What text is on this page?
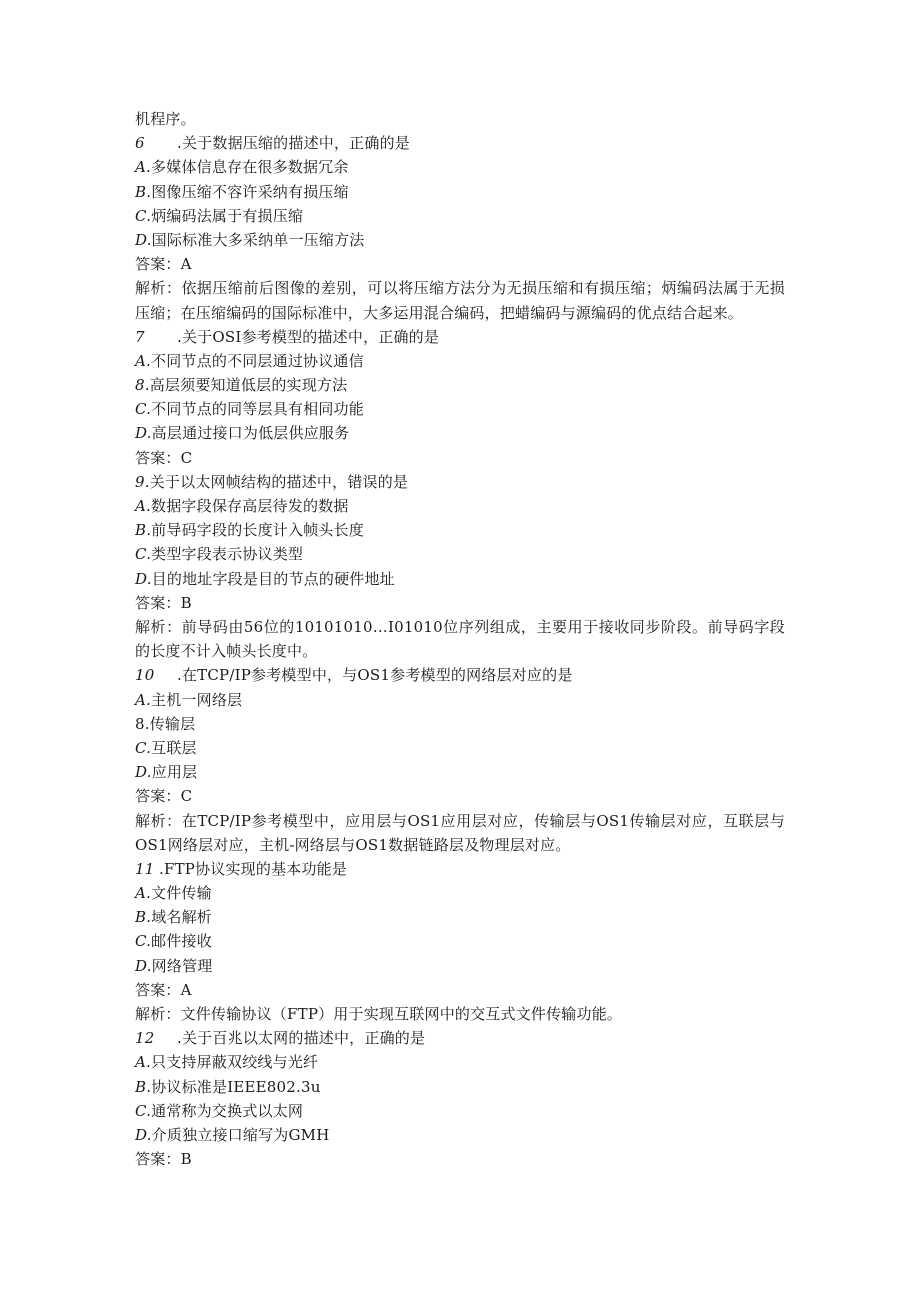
机程序。
6	.关于数据压缩的描述中，正确的是
A.多媒体信息存在很多数据冗余
B.图像压缩不容许采纳有损压缩
C.炳编码法属于有损压缩
D.国际标准大多采纳单一压缩方法
答案：A
解析：依据压缩前后图像的差别，可以将压缩方法分为无损压缩和有损压缩；炳编码法属于无损压缩；在压缩编码的国际标准中，大多运用混合编码，把蜡编码与源编码的优点结合起来。
7	.关于OSI参考模型的描述中，正确的是
A.不同节点的不同层通过协议通信
8.高层须要知道低层的实现方法
C.不同节点的同等层具有相同功能
D.高层通过接口为低层供应服务
答案：C
9.关于以太网帧结构的描述中，错误的是
A.数据字段保存高层待发的数据
B.前导码字段的长度计入帧头长度
C.类型字段表示协议类型
D.目的地址字段是目的节点的硬件地址
答案：B
解析：前导码由56位的10101010…I01010位序列组成，主要用于接收同步阶段。前导码字段的长度不计入帧头长度中。
10	.在TCP/IP参考模型中，与OS1参考模型的网络层对应的是
A.主机一网络层
8.传输层
C.互联层
D.应用层
答案：C
解析：在TCP/IP参考模型中，应用层与OS1应用层对应，传输层与OS1传输层对应，互联层与OS1网络层对应，主机-网络层与OS1数据链路层及物理层对应。
11 .FTP协议实现的基本功能是
A.文件传输
B.域名解析
C.邮件接收
D.网络管理
答案：A
解析：文件传输协议（FTP）用于实现互联网中的交互式文件传输功能。
12	.关于百兆以太网的描述中，正确的是
A.只支持屏蔽双绞线与光纤
B.协议标准是IEEE802.3u
C.通常称为交换式以太网
D.介质独立接口缩写为GMH
答案：B
